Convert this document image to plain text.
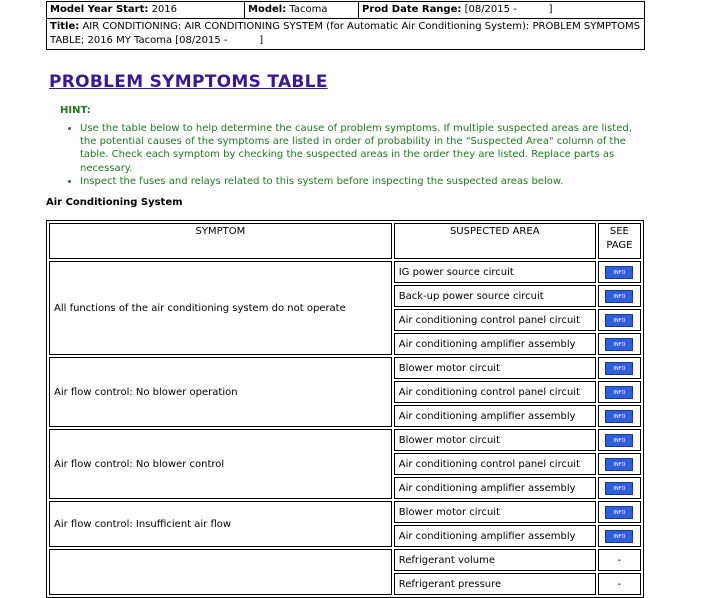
Model Year Start: 2016	Model: Tacoma	Prod Date Range: [08/2015 -          ]
Title: AIR CONDITIONING: AIR CONDITIONING SYSTEM (for Automatic Air Conditioning System): PROBLEM SYMPTOMS TABLE; 2016 MY Tacoma [08/2015 -          ]
PROBLEM SYMPTOMS TABLE
HINT:
• Use the table below to help determine the cause of problem symptoms. If multiple suspected areas are listed, the potential causes of the symptoms are listed in order of probability in the "Suspected Area" column of the table. Check each symptom by checking the suspected areas in the order they are listed. Replace parts as necessary.
• Inspect the fuses and relays related to this system before inspecting the suspected areas below.
Air Conditioning System
SYMPTOM	SUSPECTED AREA	SEE PAGE
All functions of the air conditioning system do not operate	IG power source circuit	INFO
	Back-up power source circuit	INFO
	Air conditioning control panel circuit	INFO
	Air conditioning amplifier assembly	INFO
Air flow control: No blower operation	Blower motor circuit	INFO
	Air conditioning control panel circuit	INFO
	Air conditioning amplifier assembly	INFO
Air flow control: No blower control	Blower motor circuit	INFO
	Air conditioning control panel circuit	INFO
	Air conditioning amplifier assembly	INFO
Air flow control: Insufficient air flow	Blower motor circuit	INFO
	Air conditioning amplifier assembly	INFO
	Refrigerant volume	-
	Refrigerant pressure	-
